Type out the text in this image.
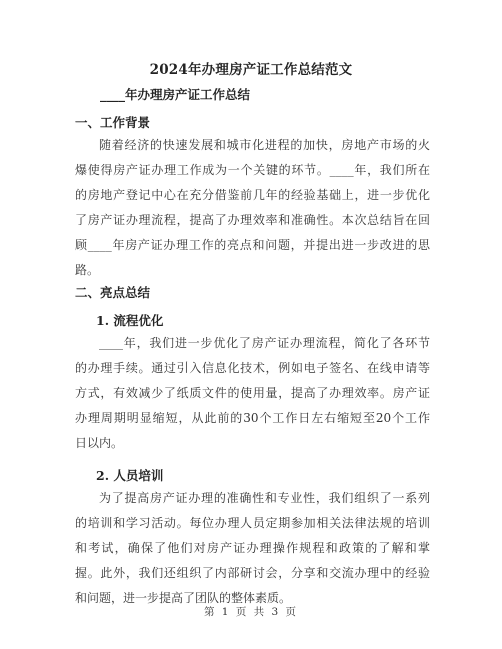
2024年办理房产证工作总结范文
____年办理房产证工作总结
一、工作背景
随着经济的快速发展和城市化进程的加快，房地产市场的火
爆使得房产证办理工作成为一个关键的环节。____年，我们所在
的房地产登记中心在充分借鉴前几年的经验基础上，进一步优化
了房产证办理流程，提高了办理效率和准确性。本次总结旨在回
顾____年房产证办理工作的亮点和问题，并提出进一步改进的思
路。
二、亮点总结
1. 流程优化
____年，我们进一步优化了房产证办理流程，简化了各环节
的办理手续。通过引入信息化技术，例如电子签名、在线申请等
方式，有效减少了纸质文件的使用量，提高了办理效率。房产证
办理周期明显缩短，从此前的30个工作日左右缩短至20个工作
日以内。
2. 人员培训
为了提高房产证办理的准确性和专业性，我们组织了一系列
的培训和学习活动。每位办理人员定期参加相关法律法规的培训
和考试，确保了他们对房产证办理操作规程和政策的了解和掌
握。此外，我们还组织了内部研讨会，分享和交流办理中的经验
和问题，进一步提高了团队的整体素质。
第 1 页 共 3 页
